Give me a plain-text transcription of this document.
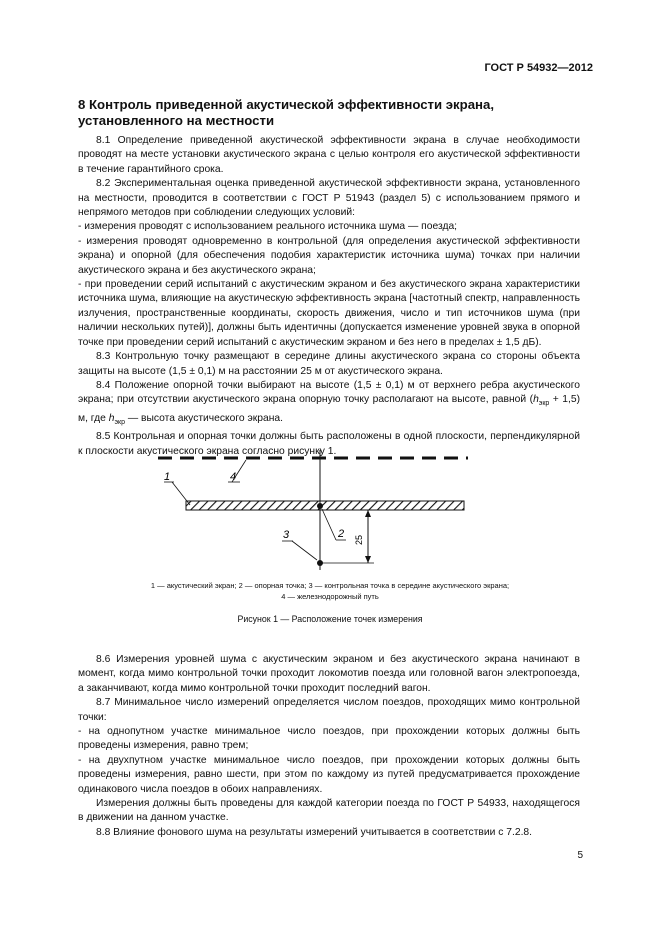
ГОСТ Р 54932—2012
8 Контроль приведенной акустической эффективности экрана,
установленного на местности

8.1 Определение приведенной акустической эффективности экрана в случае необходимости проводят на месте установки акустического экрана с целью контроля его акустической эффективности в течение гарантийного срока.

8.2 Экспериментальная оценка приведенной акустической эффективности экрана, установленного на местности, проводится в соответствии с ГОСТ Р 51943 (раздел 5) с использованием прямого и непрямого методов при соблюдении следующих условий:

- измерения проводят с использованием реального источника шума — поезда;

- измерения проводят одновременно в контрольной (для определения акустической эффективности экрана) и опорной (для обеспечения подобия характеристик источника шума) точках при наличии акустического экрана и без акустического экрана;

- при проведении серий испытаний с акустическим экраном и без акустического экрана характеристики источника шума, влияющие на акустическую эффективность экрана [частотный спектр, направленность излучения, пространственные координаты, скорость движения, число и тип источников шума (при наличии нескольких путей)], должны быть идентичны (допускается изменение уровней звука в опорной точке при проведении серий испытаний с акустическим экраном и без него в пределах ± 1,5 дБ).

8.3 Контрольную точку размещают в середине длины акустического экрана со стороны объекта защиты на высоте (1,5 ± 0,1) м на расстоянии 25 м от акустического экрана.

8.4 Положение опорной точки выбирают на высоте (1,5 ± 0,1) м от верхнего ребра акустического экрана; при отсутствии акустического экрана опорную точку располагают на высоте, равной $(h_{экр} + 1,5)$ м, где $h_{экр}$ — высота акустического экрана.

8.5 Контрольная и опорная точки должны быть расположены в одной плоскости, перпендикулярной к плоскости акустического экрана согласно рисунку 1.

25
1	4
2
3
1 — акустический экран; 2 — опорная точка; 3 — контрольная точка в середине акустического экрана;
4 — железнодорожный путь
Рисунок 1 — Расположение точек измерения

8.6 Измерения уровней шума с акустическим экраном и без акустического экрана начинают в момент, когда мимо контрольной точки проходит локомотив поезда или головной вагон электропоезда, а заканчивают, когда мимо контрольной точки проходит последний вагон.

8.7 Минимальное число измерений определяется числом поездов, проходящих мимо контрольной точки:

- на однопутном участке минимальное число поездов, при прохождении которых должны быть проведены измерения, равно трем;

- на двухпутном участке минимальное число поездов, при прохождении которых должны быть проведены измерения, равно шести, при этом по каждому из путей предусматривается прохождение одинакового числа поездов в обоих направлениях.

Измерения должны быть проведены для каждой категории поезда по ГОСТ Р 54933, находящегося в движении на данном участке.

8.8 Влияние фонового шума на результаты измерений учитывается в соответствии с 7.2.8.

5
